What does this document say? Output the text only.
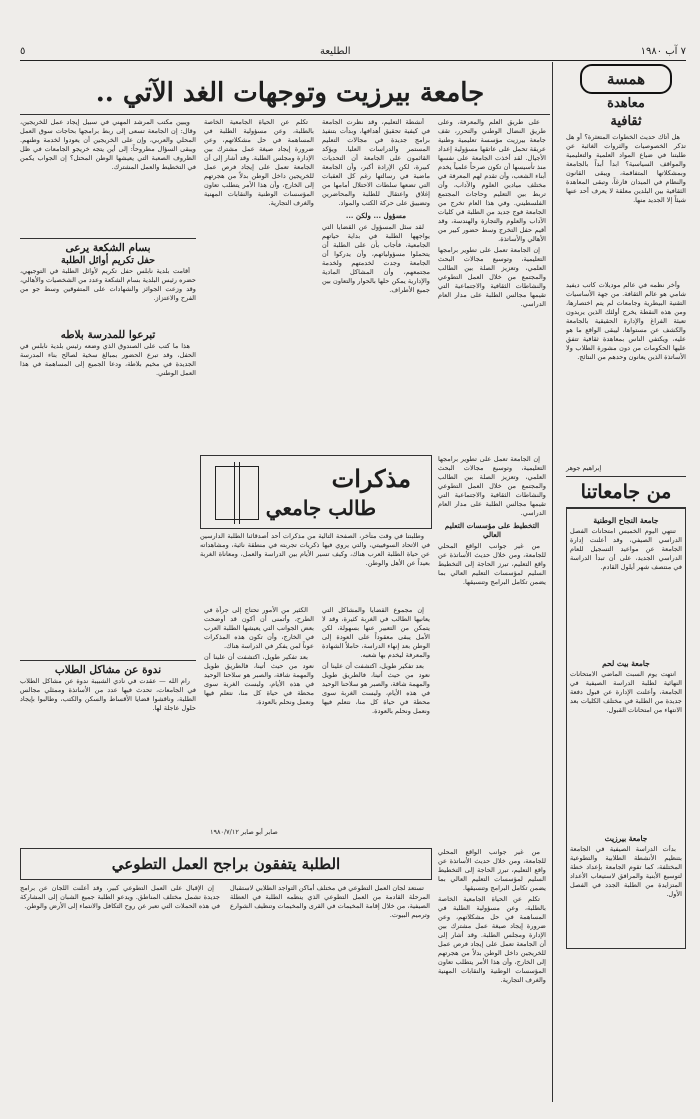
٧ آب ١٩٨٠
الطليعة
٥
همسة
معاهدة
ثقافية

هل أتاك حديث الخطوات المتعثرة؟ أو هل تذكر الخصوصيات والثروات الغائبة عن طلبتنا في ضياع المواد العلمية والتعليمية والمواقف السياسية؟ ابدأ أبداً بالجامعة وبمشكلاتها المتفاقمة، ويبقى القانون والنظام في الميدان فارغاً، وتبقى المعاهدة الثقافية بين البلدين معلقة لا يعرف أحد عنها شيئاً إلا الجديد منها.

وأخر نظمه في عالم موديلات كاتب ديفيد شامي هو عالم الثقافة. من جهة الأساسيات التقنية البيطرية وجامعات لم يتم اختصارها، ومن هذه النقطة يخرج أولئك الذين يريدون تعبئة الفراغ والإدارة الحقيقية بالجامعة والكشف عن مستواها، ليبقى الواقع ما هو عليه، ويكتفي الناس بمعاهدة ثقافية تتفق عليها الحكومات من دون مشورة الطلاب ولا الأساتذة الذين يعانون وحدهم من النتائج.

إبراهيم جوهر
من جامعاتنا
جامعة النجاح الوطنية

تنتهي اليوم الخميس امتحانات الفصل الدراسي الصيفي، وقد أعلنت إدارة الجامعة عن مواعيد التسجيل للعام الدراسي الجديد، على أن تبدأ الدراسة في منتصف شهر أيلول القادم.

جامعة بيت لحم

انتهت يوم السبت الماضي الامتحانات النهائية لطلبة الدراسة الصيفية في الجامعة، وأعلنت الإدارة عن قبول دفعة جديدة من الطلبة في مختلف الكليات بعد الانتهاء من امتحانات القبول.

جامعة بيرزيت

بدأت الدراسة الصيفية في الجامعة بتنظيم الأنشطة الطلابية والتطوعية المختلفة، كما تقوم الجامعة بإعداد خطة لتوسيع الأبنية والمرافق لاستيعاب الأعداد المتزايدة من الطلبة الجدد في الفصل الأول.

جامعة بيرزيت وتوجهات الغد الآتي ..

على طريق العلم والمعرفة، وعلى طريق النضال الوطني والتحرر، تقف جامعة بيرزيت مؤسسة تعليمية وطنية عريقة تحمل على عاتقها مسؤولية إعداد الأجيال. لقد أخذت الجامعة على نفسها منذ تأسيسها أن تكون صرحاً علمياً يخدم أبناء الشعب، وأن تقدم لهم المعرفة في مختلف ميادين العلوم والآداب، وأن تربط بين التعليم وحاجات المجتمع الفلسطيني. وفي هذا العام تخرج من الجامعة فوج جديد من الطلبة في كليات الآداب والعلوم والتجارة والهندسة، وقد أقيم حفل التخرج وسط حضور كبير من الأهالي والأساتذة.

إن الجامعة تعمل على تطوير برامجها التعليمية، وتوسيع مجالات البحث العلمي، وتعزيز الصلة بين الطالب والمجتمع من خلال العمل التطوعي والنشاطات الثقافية والاجتماعية التي تقيمها مجالس الطلبة على مدار العام الدراسي.

أنشطة التعليم، وقد نظرت الجامعة في كيفية تحقيق أهدافها، وبدأت بتنفيذ برامج جديدة في مجالات التعليم المستمر والدراسات العليا. ويؤكد القائمون على الجامعة أن التحديات كبيرة، لكن الإرادة أكبر، وأن الجامعة ماضية في رسالتها رغم كل العقبات التي تضعها سلطات الاحتلال أمامها من إغلاق واعتقال للطلبة والمحاضرين وتضييق على حركة الكتب والمواد.

مسؤول ... ولكن ...

لقد سئل المسؤول عن القضايا التي يواجهها الطلبة في بداية حياتهم الجامعية، فأجاب بأن على الطلبة أن يتحملوا مسؤولياتهم، وأن يدركوا أن الجامعة وجدت لخدمتهم ولخدمة مجتمعهم، وأن المشاكل المادية والإدارية يمكن حلها بالحوار والتعاون بين جميع الأطراف.

تكلم عن الحياة الجامعية الخاصة بالطلبة، وعن مسؤولية الطلبة في المساهمة في حل مشكلاتهم، وعن ضرورة إيجاد صيغة عمل مشترك بين الإدارة ومجلس الطلبة. وقد أشار إلى أن الجامعة تعمل على إيجاد فرص عمل للخريجين داخل الوطن بدلاً من هجرتهم إلى الخارج، وأن هذا الأمر يتطلب تعاون المؤسسات الوطنية والنقابات المهنية والغرف التجارية.

ويبين مكتب المرشد المهني في سبيل إيجاد عمل للخريجين، وقال: إن الجامعة تسعى إلى ربط برامجها بحاجات سوق العمل المحلي والعربي، وإن على الخريجين أن يعودوا لخدمة وطنهم. ويبقى السؤال مطروحاً: إلى أين يتجه خريجو الجامعات في ظل الظروف الصعبة التي يعيشها الوطن المحتل؟ إن الجواب يكمن في التخطيط والعمل المشترك.

بسام الشكعة يرعى
حفل تكريم أوائل الطلبة

أقامت بلدية نابلس حفل تكريم لأوائل الطلبة في التوجيهي، حضره رئيس البلدية بسام الشكعة وعدد من الشخصيات والأهالي، وقد وزعت الجوائز والشهادات على المتفوقين وسط جو من الفرح والاعتزاز.

تبرعوا للمدرسة بلاطه

هذا ما كتب على الصندوق الذي وضعه رئيس بلدية نابلس في الحفل، وقد تبرع الحضور بمبالغ سخية لصالح بناء المدرسة الجديدة في مخيم بلاطة، ودعا الجميع إلى المساهمة في هذا العمل الوطني.

إن الجامعة تعمل على تطوير برامجها التعليمية، وتوسيع مجالات البحث العلمي، وتعزيز الصلة بين الطالب والمجتمع من خلال العمل التطوعي والنشاطات الثقافية والاجتماعية التي تقيمها مجالس الطلبة على مدار العام الدراسي.

التخطيط على مؤسسات التعليم العالي

من غير جوانب الواقع المحلي للجامعة، ومن خلال حديث الأساتذة عن واقع التعليم، تبرز الحاجة إلى التخطيط السليم لمؤسسات التعليم العالي بما يضمن تكامل البرامج وتنسيقها.

مذكرات
طالب جامعي

وطلبتنا في وقت متأخر، الصفحة التالية من مذكرات أحد أصدقائنا الطلبة الدارسين في الاتحاد السوفييتي، والتي يروي فيها ذكريات تجربته في منطقة نائية، ومشاهداته عن حياة الطلبة العرب هناك، وكيف تسير الأيام بين الدراسة والعمل، ومعاناة الغربة بعيداً عن الأهل والوطن.

إن مجموع القضايا والمشاكل التي يعانيها الطالب في الغربة كثيرة، وقد لا يتمكن من التعبير عنها بسهولة، لكن الأمل يبقى معقوداً على العودة إلى الوطن بعد إنهاء الدراسة، حاملاً الشهادة والمعرفة ليخدم بها شعبه.

بعد تفكير طويل، اكتشفت أن علينا أن نعود من حيث أتينا، فالطريق طويل والمهمة شاقة، والصبر هو سلاحنا الوحيد في هذه الأيام، وليست الغربة سوى محطة في حياة كل منا، نتعلم فيها ونعمل ونحلم بالعودة.

الكثير من الأمور تحتاج إلى جرأة في الطرح، وأتمنى أن أكون قد أوضحت بعض الجوانب التي يعيشها الطلبة العرب في الخارج، وأن تكون هذه المذكرات عوناً لمن يفكر في الدراسة هناك.

بعد تفكير طويل، اكتشفت أن علينا أن نعود من حيث أتينا، فالطريق طويل والمهمة شاقة، والصبر هو سلاحنا الوحيد في هذه الأيام، وليست الغربة سوى محطة في حياة كل منا، نتعلم فيها ونعمل ونحلم بالعودة.

صابر أبو صابر ١٩٨٠/٧/١٢
ندوة عن مشاكل الطلاب

رام الله — عقدت في نادي الشبيبة ندوة عن مشاكل الطلاب في الجامعات، تحدث فيها عدد من الأساتذة وممثلي مجالس الطلبة، وناقشوا قضايا الأقساط والسكن والكتب، وطالبوا بإيجاد حلول عاجلة لها.

الطلبة يتفقون براجح العمل التطوعي

تستعد لجان العمل التطوعي في مختلف أماكن التواجد الطلابي لاستقبال المرحلة القادمة من العمل التطوعي الذي ينظمه الطلبة في العطلة الصيفية، من خلال إقامة المخيمات في القرى والمخيمات وتنظيف الشوارع وترميم البيوت.

إن الإقبال على العمل التطوعي كبير، وقد أعلنت اللجان عن برامج جديدة تشمل مختلف المناطق. ويدعو الطلبة جميع الشبان إلى المشاركة في هذه الحملات التي تعبر عن روح التكافل والانتماء إلى الأرض والوطن.

من غير جوانب الواقع المحلي للجامعة، ومن خلال حديث الأساتذة عن واقع التعليم، تبرز الحاجة إلى التخطيط السليم لمؤسسات التعليم العالي بما يضمن تكامل البرامج وتنسيقها.

تكلم عن الحياة الجامعية الخاصة بالطلبة، وعن مسؤولية الطلبة في المساهمة في حل مشكلاتهم، وعن ضرورة إيجاد صيغة عمل مشترك بين الإدارة ومجلس الطلبة. وقد أشار إلى أن الجامعة تعمل على إيجاد فرص عمل للخريجين داخل الوطن بدلاً من هجرتهم إلى الخارج، وأن هذا الأمر يتطلب تعاون المؤسسات الوطنية والنقابات المهنية والغرف التجارية.
